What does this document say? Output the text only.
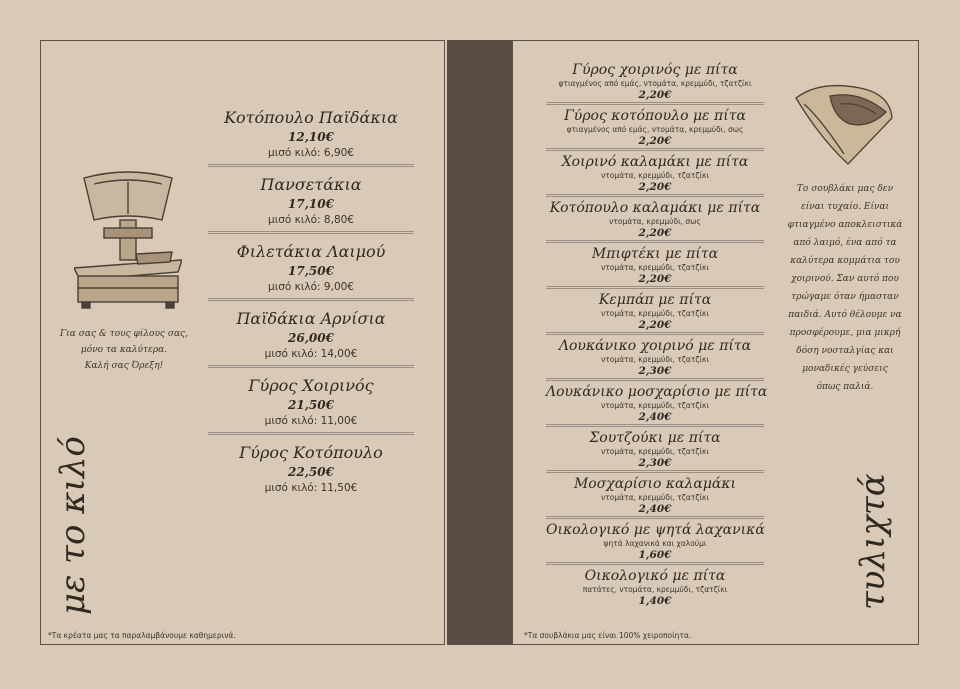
Κοτόπουλο Παϊδάκια
12,10€
μισό κιλό: 6,90€
Πανσετάκια
17,10€
μισό κιλό: 8,80€
Φιλετάκια Λαιμού
17,50€
μισό κιλό: 9,00€
Παϊδάκια Αρνίσια
26,00€
μισό κιλό: 14,00€
Γύρος Χοιρινός
21,50€
μισό κιλό: 11,00€
Γύρος Κοτόπουλο
22,50€
μισό κιλό: 11,50€
Για σας & τους φίλους σας,
μόνο τα καλύτερα.
Καλή σας Όρεξη!
με το κιλό
*Τα κρέατα μας τα παραλαμβάνουμε καθημερινά.
Γύρος χοιρινός με πίτα
φτιαγμένος από εμάς, ντομάτα, κρεμμύδι, τζατζίκι
2,20€
Γύρος κοτόπουλο με πίτα
φτιαγμένος από εμάς, ντομάτα, κρεμμύδι, σως
2,20€
Χοιρινό καλαμάκι με πίτα
ντομάτα, κρεμμύδι, τζατζίκι
2,20€
Κοτόπουλο καλαμάκι με πίτα
ντομάτα, κρεμμύδι, σως
2,20€
Μπιφτέκι με πίτα
ντομάτα, κρεμμύδι, τζατζίκι
2,20€
Κεμπάπ με πίτα
ντομάτα, κρεμμύδι, τζατζίκι
2,20€
Λουκάνικο χοιρινό με πίτα
ντομάτα, κρεμμύδι, τζατζίκι
2,30€
Λουκάνικο μοσχαρίσιο με πίτα
ντομάτα, κρεμμύδι, τζατζίκι
2,40€
Σουτζούκι με πίτα
ντομάτα, κρεμμύδι, τζατζίκι
2,30€
Μοσχαρίσιο καλαμάκι
ντομάτα, κρεμμύδι, τζατζίκι
2,40€
Οικολογικό με ψητά λαχανικά
ψητά λαχανικά και χαλούμι
1,60€
Οικολογικό με πίτα
πατάτες, ντομάτα, κρεμμύδι, τζατζίκι
1,40€
Το σουβλάκι μας δεν
είναι τυχαίο. Είναι
φτιαγμένο αποκλειστικά
από λαιμό, ένα από τα
καλύτερα κομμάτια του
χοιρινού. Σαν αυτό που
τρώγαμε όταν ήμασταν
παιδιά. Αυτό θέλουμε να
προσφέρουμε, μια μικρή
δόση νοσταλγίας και
μοναδικές γεύσεις
όπως παλιά.
τυλιχτά
*Τα σουβλάκια μας είναι 100% χειροποίητα.
